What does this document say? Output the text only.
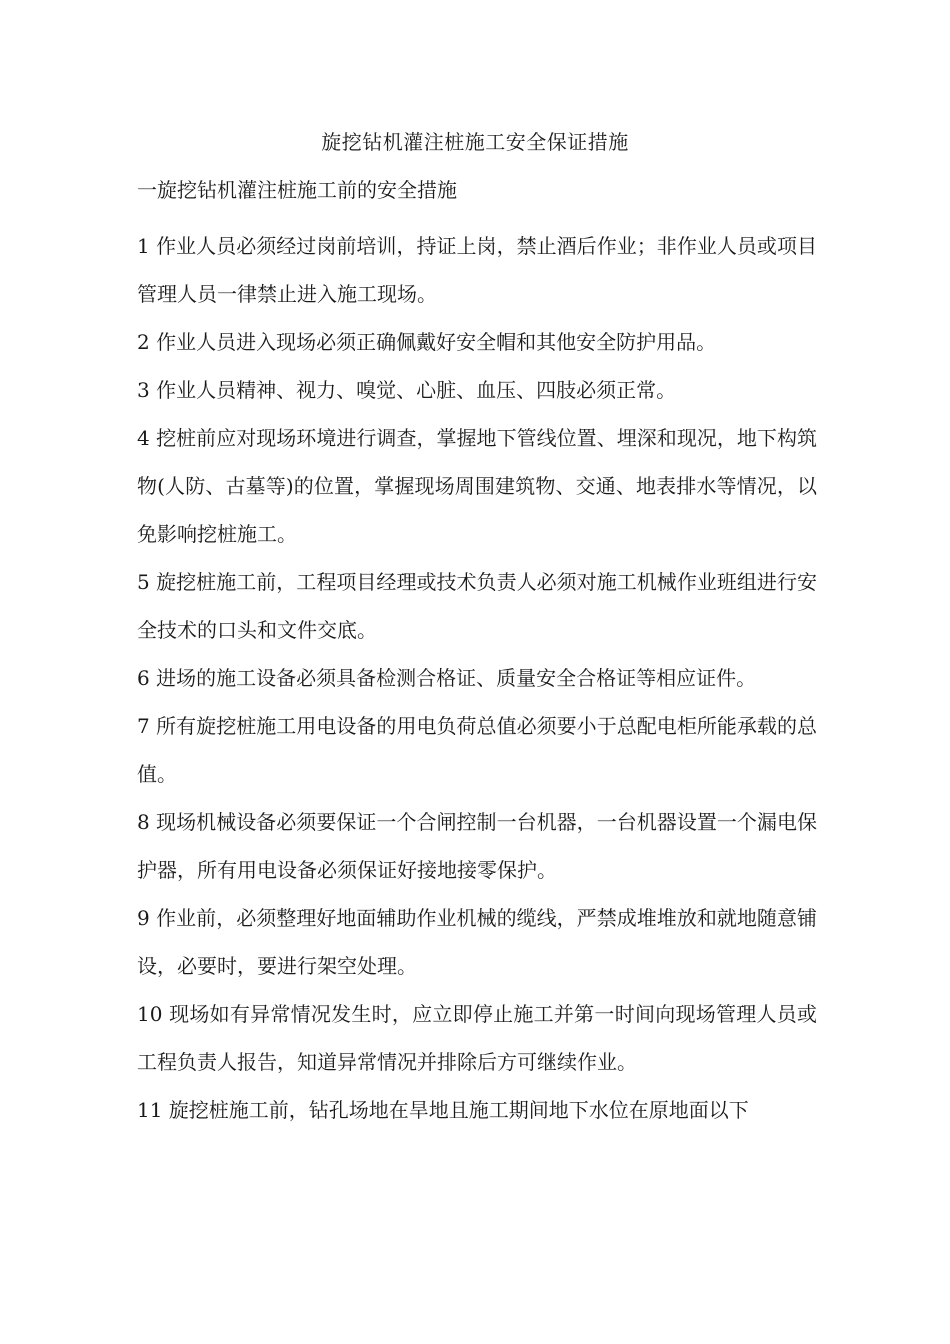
旋挖钻机灌注桩施工安全保证措施
一旋挖钻机灌注桩施工前的安全措施

1 作业人员必须经过岗前培训，持证上岗，禁止酒后作业；非作业人员或项目管理人员一律禁止进入施工现场。

2 作业人员进入现场必须正确佩戴好安全帽和其他安全防护用品。

3 作业人员精神、视力、嗅觉、心脏、血压、四肢必须正常。

4 挖桩前应对现场环境进行调查，掌握地下管线位置、埋深和现况，地下构筑物(人防、古墓等)的位置，掌握现场周围建筑物、交通、地表排水等情况，以免影响挖桩施工。

5 旋挖桩施工前，工程项目经理或技术负责人必须对施工机械作业班组进行安全技术的口头和文件交底。

6 进场的施工设备必须具备检测合格证、质量安全合格证等相应证件。

7 所有旋挖桩施工用电设备的用电负荷总值必须要小于总配电柜所能承载的总值。

8 现场机械设备必须要保证一个合闸控制一台机器，一台机器设置一个漏电保护器，所有用电设备必须保证好接地接零保护。

9 作业前，必须整理好地面辅助作业机械的缆线，严禁成堆堆放和就地随意铺设，必要时，要进行架空处理。

10 现场如有异常情况发生时，应立即停止施工并第一时间向现场管理人员或工程负责人报告，知道异常情况并排除后方可继续作业。

11 旋挖桩施工前，钻孔场地在旱地且施工期间地下水位在原地面以下
